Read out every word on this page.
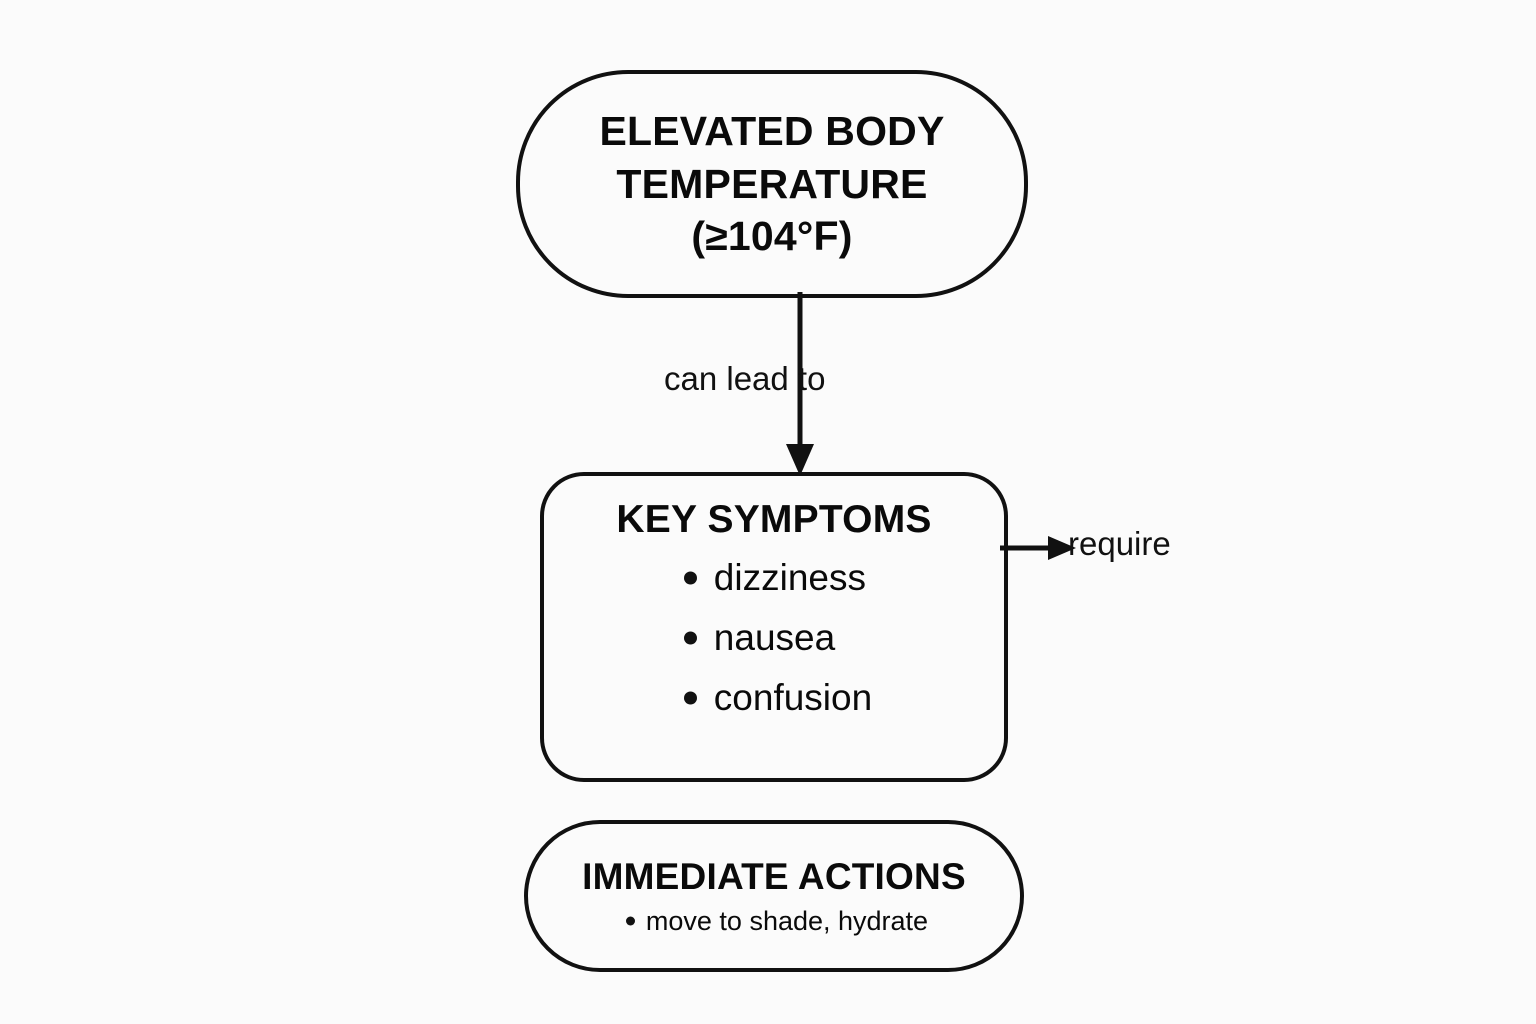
ELEVATED BODY
TEMPERATURE
(≥104°F)
can lead to
KEY SYMPTOMS
dizziness
nausea
confusion
require
IMMEDIATE ACTIONS
move to shade, hydrate
